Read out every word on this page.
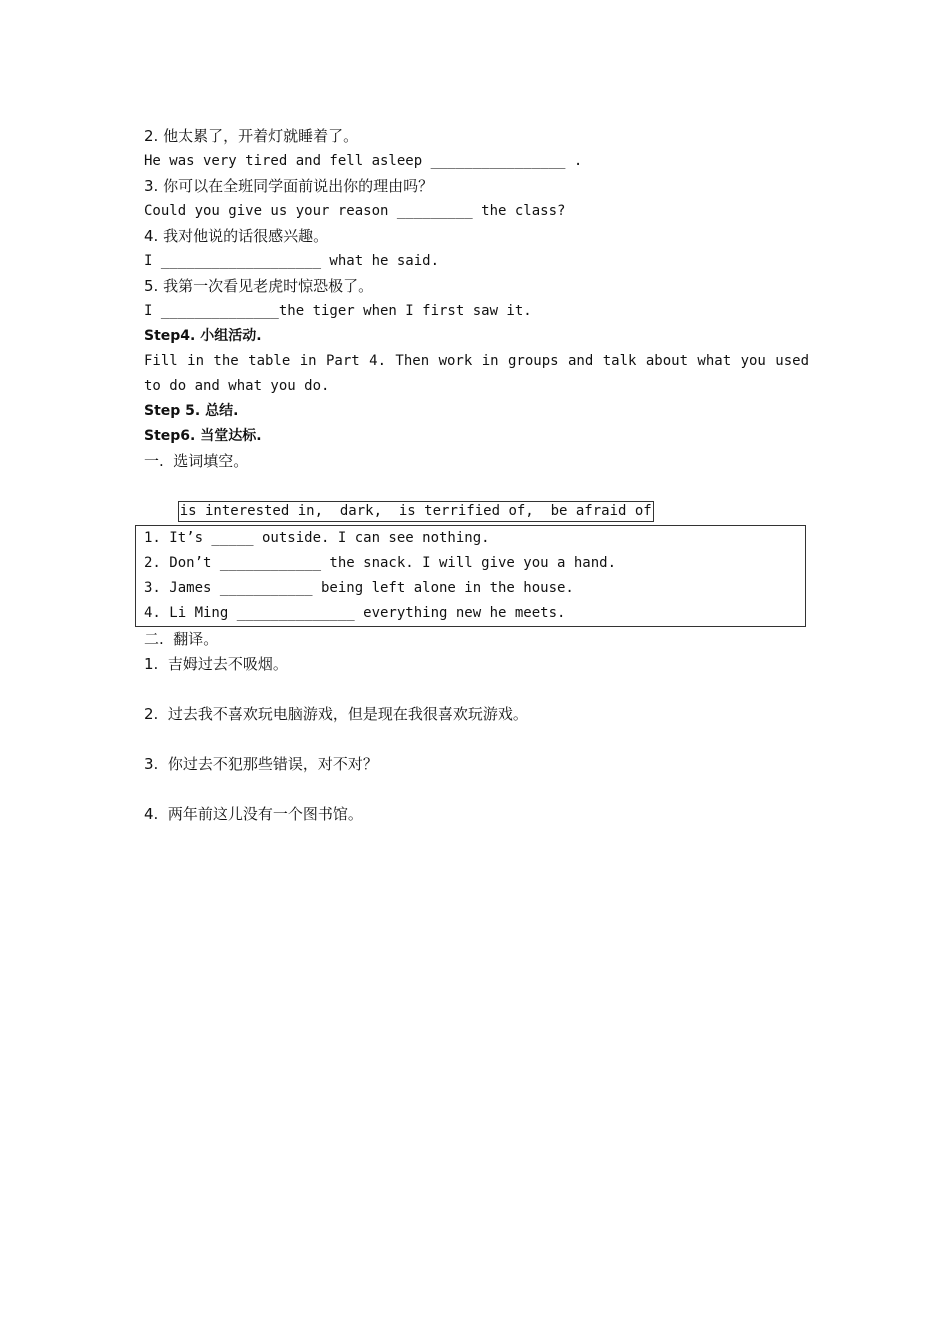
2. 他太累了，开着灯就睡着了。
He was very tired and fell asleep ________________ .
3. 你可以在全班同学面前说出你的理由吗？
Could you give us your reason _________ the class?
4. 我对他说的话很感兴趣。
I ___________________ what he said.
5. 我第一次看见老虎时惊恐极了。
I ______________the tiger when I first saw it.
Step4. 小组活动.
Fill in the table in Part 4. Then work in groups and talk about what you used
to do and what you do.
Step 5. 总结.
Step6. 当堂达标.
一.  选词填空。

is interested in,  dark,  is terrified of,  be afraid of

1. It’s _____ outside. I can see nothing.
2. Don’t ____________ the snack. I will give you a hand.
3. James ___________ being left alone in the house.
4. Li Ming ______________ everything new he meets.
二.  翻译。
1.  吉姆过去不吸烟。
2.  过去我不喜欢玩电脑游戏，但是现在我很喜欢玩游戏。
3.  你过去不犯那些错误，对不对？
4.  两年前这儿没有一个图书馆。
